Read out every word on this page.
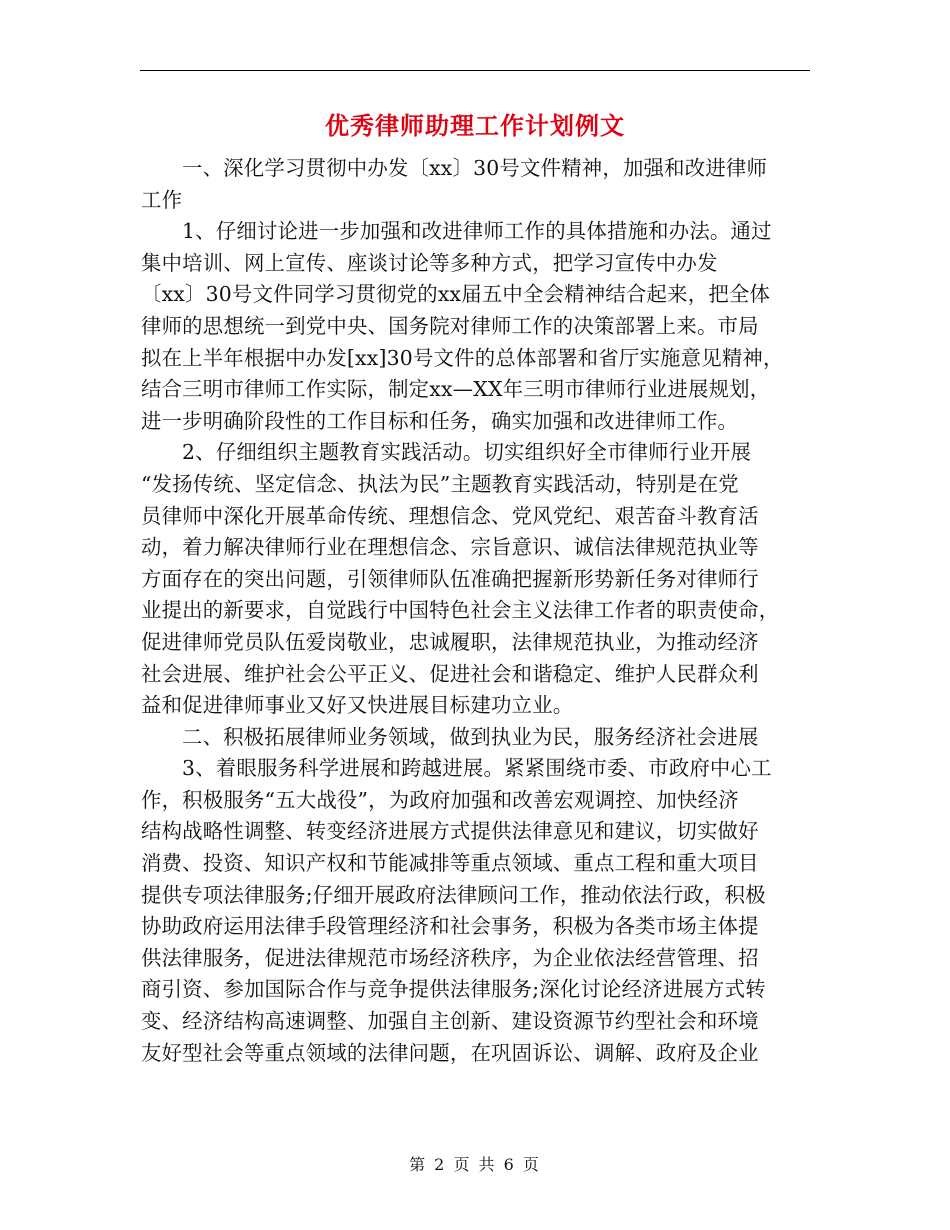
优秀律师助理工作计划例文
一、深化学习贯彻中办发〔xx〕30号文件精神，加强和改进律师
工作
1、仔细讨论进一步加强和改进律师工作的具体措施和办法。通过
集中培训、网上宣传、座谈讨论等多种方式，把学习宣传中办发
〔xx〕30号文件同学习贯彻党的xx届五中全会精神结合起来，把全体
律师的思想统一到党中央、国务院对律师工作的决策部署上来。市局
拟在上半年根据中办发[xx]30号文件的总体部署和省厅实施意见精神，
结合三明市律师工作实际，制定xx—XX年三明市律师行业进展规划，
进一步明确阶段性的工作目标和任务，确实加强和改进律师工作。
2、仔细组织主题教育实践活动。切实组织好全市律师行业开展
“发扬传统、坚定信念、执法为民”主题教育实践活动，特别是在党
员律师中深化开展革命传统、理想信念、党风党纪、艰苦奋斗教育活
动，着力解决律师行业在理想信念、宗旨意识、诚信法律规范执业等
方面存在的突出问题，引领律师队伍准确把握新形势新任务对律师行
业提出的新要求，自觉践行中国特色社会主义法律工作者的职责使命，
促进律师党员队伍爱岗敬业，忠诚履职，法律规范执业，为推动经济
社会进展、维护社会公平正义、促进社会和谐稳定、维护人民群众利
益和促进律师事业又好又快进展目标建功立业。
二、积极拓展律师业务领域，做到执业为民，服务经济社会进展
3、着眼服务科学进展和跨越进展。紧紧围绕市委、市政府中心工
作，积极服务“五大战役”，为政府加强和改善宏观调控、加快经济
结构战略性调整、转变经济进展方式提供法律意见和建议，切实做好
消费、投资、知识产权和节能减排等重点领域、重点工程和重大项目
提供专项法律服务;仔细开展政府法律顾问工作，推动依法行政，积极
协助政府运用法律手段管理经济和社会事务，积极为各类市场主体提
供法律服务，促进法律规范市场经济秩序，为企业依法经营管理、招
商引资、参加国际合作与竞争提供法律服务;深化讨论经济进展方式转
变、经济结构高速调整、加强自主创新、建设资源节约型社会和环境
友好型社会等重点领域的法律问题，在巩固诉讼、调解、政府及企业
第 2 页 共 6 页
